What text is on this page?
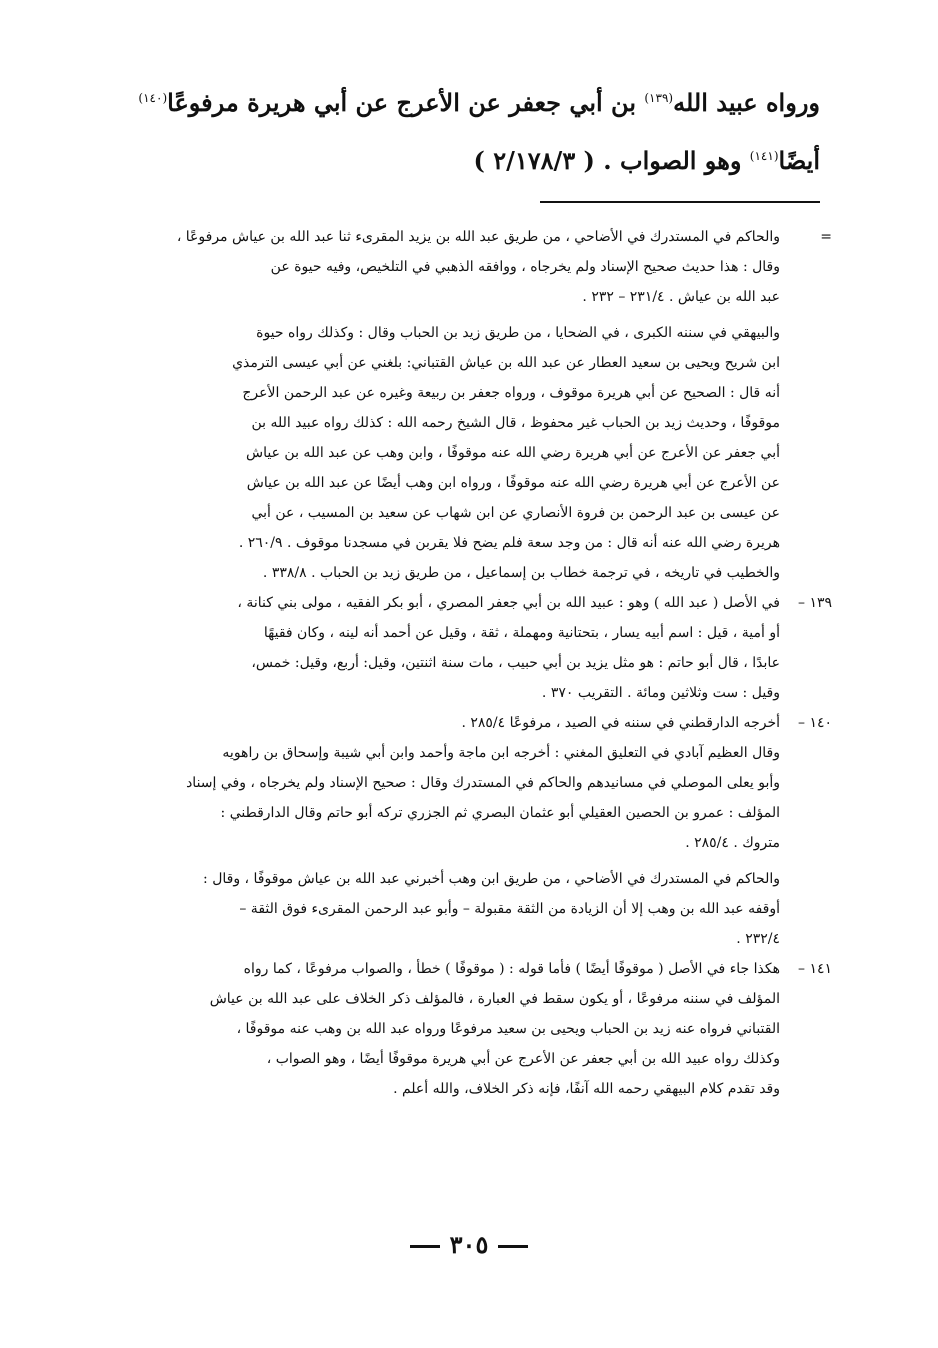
ورواه عبيد الله$^{(١٣٩)}$ بن أبي جعفر عن الأعرج عن أبي هريرة مرفوعًا$^{(١٤٠)}$
أيضًا$^{(١٤١)}$ وهو الصواب . ( ٢/١٧٨/٣ )
=
والحاكم في المستدرك في الأضاحي ، من طريق عبد الله بن يزيد المقرىء ثنا عبد الله بن عياش مرفوعًا ،
وقال : هذا حديث صحيح الإسناد ولم يخرجاه ، ووافقه الذهبي في التلخيص، وفيه حيوة عن
عبد الله بن عياش . ٢٣١/٤ – ٢٣٢ .
والبيهقي في سننه الكبرى ، في الضحايا ، من طريق زيد بن الحباب وقال : وكذلك رواه حيوة
ابن شريح ويحيى بن سعيد العطار عن عبد الله بن عياش القتباني: بلغني عن أبي عيسى الترمذي
أنه قال : الصحيح عن أبي هريرة موقوف ، ورواه جعفر بن ربيعة وغيره عن عبد الرحمن الأعرج
موقوفًا ، وحديث زيد بن الحباب غير محفوظ ، قال الشيخ رحمه الله : كذلك رواه عبيد الله بن
أبي جعفر عن الأعرج عن أبي هريرة رضي الله عنه موقوفًا ، وابن وهب عن عبد الله بن عياش
عن الأعرج عن أبي هريرة رضي الله عنه موقوفًا ، ورواه ابن وهب أيضًا عن عبد الله بن عياش
عن عيسى بن عبد الرحمن بن فروة الأنصاري عن ابن شهاب عن سعيد بن المسيب ، عن أبي
هريرة رضي الله عنه أنه قال : من وجد سعة فلم يضح فلا يقربن في مسجدنا موقوف . ٢٦٠/٩ .
والخطيب في تاريخه ، في ترجمة خطاب بن إسماعيل ، من طريق زيد بن الحباب . ٣٣٨/٨ .
١٣٩ –
في الأصل ( عبد الله ) وهو : عبيد الله بن أبي جعفر المصري ، أبو بكر الفقيه ، مولى بني كنانة ،
أو أمية ، قيل : اسم أبيه يسار ، بتحتانية ومهملة ، ثقة ، وقيل عن أحمد أنه لينه ، وكان فقيهًا
عابدًا ، قال أبو حاتم : هو مثل يزيد بن أبي حبيب ، مات سنة اثنتين، وقيل: أربع، وقيل: خمس،
وقيل : ست وثلاثين ومائة . التقريب ٣٧٠ .
١٤٠ –
أخرجه الدارقطني في سننه في الصيد ، مرفوعًا ٢٨٥/٤ .
وقال العظيم آبادي في التعليق المغني : أخرجه ابن ماجة وأحمد وابن أبي شيبة وإسحاق بن راهويه
وأبو يعلى الموصلي في مسانيدهم والحاكم في المستدرك وقال : صحيح الإسناد ولم يخرجاه ، وفي إسناد
المؤلف : عمرو بن الحصين العقيلي أبو عثمان البصري ثم الجزري تركه أبو حاتم وقال الدارقطني :
متروك . ٢٨٥/٤ .
والحاكم في المستدرك في الأضاحي ، من طريق ابن وهب أخبرني عبد الله بن عياش موقوفًا ، وقال :
أوقفه عبد الله بن وهب إلا أن الزيادة من الثقة مقبولة – وأبو عبد الرحمن المقرىء فوق الثقة –
٢٣٢/٤ .
١٤١ –
هكذا جاء في الأصل ( موقوفًا أيضًا ) فأما قوله : ( موقوفًا ) خطأ ، والصواب مرفوعًا ، كما رواه
المؤلف في سننه مرفوعًا ، أو يكون سقط في العبارة ، فالمؤلف ذكر الخلاف على عبد الله بن عياش
القتباني فرواه عنه زيد بن الحباب ويحيى بن سعيد مرفوعًا ورواه عبد الله بن وهب عنه موقوفًا ،
وكذلك رواه عبيد الله بن أبي جعفر عن الأعرج عن أبي هريرة موقوفًا أيضًا ، وهو الصواب ،
وقد تقدم كلام البيهقي رحمه الله آنفًا، فإنه ذكر الخلاف، والله أعلم .
٣٠٥
